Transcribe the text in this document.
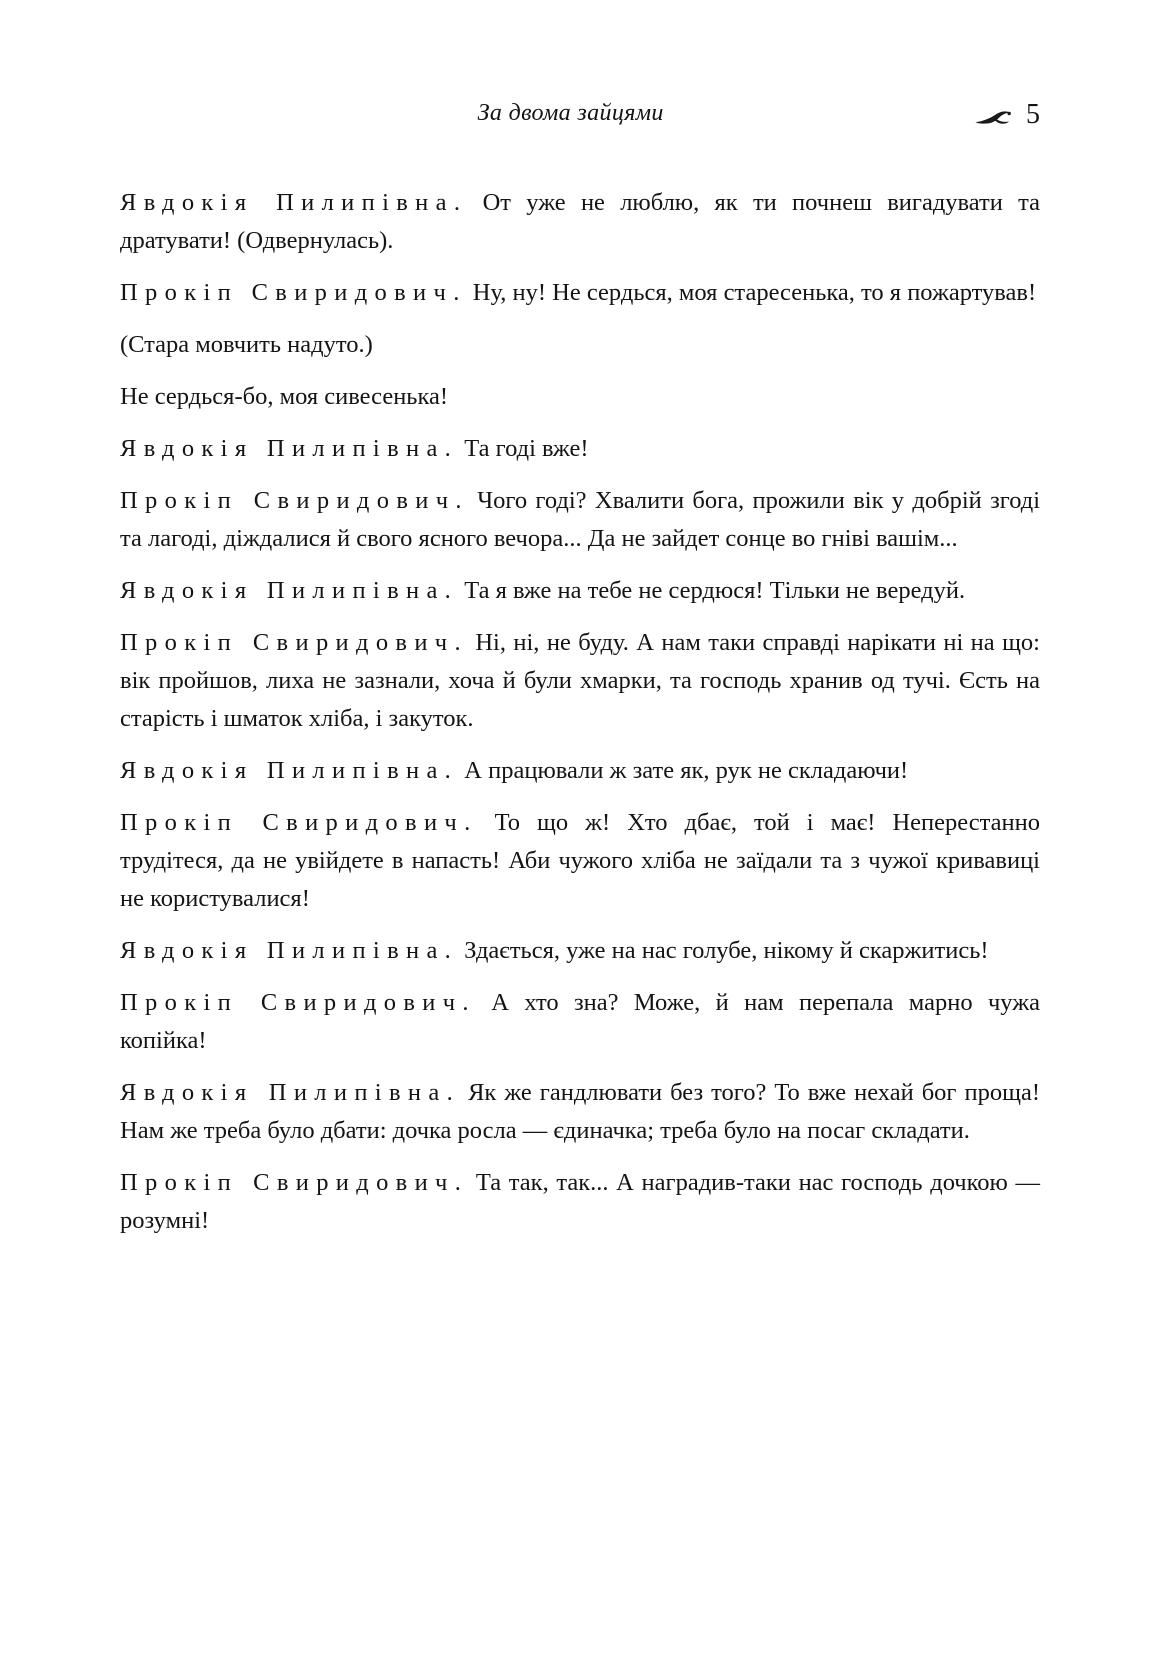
За двома зайцями	5

Явдокія Пилипівна. От уже не люблю, як ти почнеш вигадувати та дратувати! (Одвернулась).

Прокіп Свиридович. Ну, ну! Не сердься, моя старесенька, то я пожартував!

(Стара мовчить надуто.)

Не сердься-бо, моя сивесенька!

Явдокія Пилипівна. Та годі вже!

Прокіп Свиридович. Чого годі? Хвалити бога, прожили вік у добрій згоді та лагоді, діждалися й свого ясного вечора... Да не зайдет сонце во гніві вашім...

Явдокія Пилипівна. Та я вже на тебе не сердюся! Тільки не вередуй.

Прокіп Свиридович. Ні, ні, не буду. А нам таки справді нарікати ні на що: вік пройшов, лиха не зазнали, хоча й були хмарки, та господь хранив од тучі. Єсть на старість і шматок хліба, і закуток.

Явдокія Пилипівна. А працювали ж зате як, рук не складаючи!

Прокіп Свиридович. То що ж! Хто дбає, той і має! Неперестанно трудітеся, да не увійдете в напасть! Аби чужого хліба не заїдали та з чужої кривавиці не користувалися!

Явдокія Пилипівна. Здається, уже на нас голубе, нікому й скаржитись!

Прокіп Свиридович. А хто зна? Може, й нам перепала марно чужа копійка!

Явдокія Пилипівна. Як же гандлювати без того? То вже нехай бог проща! Нам же треба було дбати: дочка росла — єдиначка; треба було на посаг складати.

Прокіп Свиридович. Та так, так... А наградив-таки нас господь дочкою — розумні!
